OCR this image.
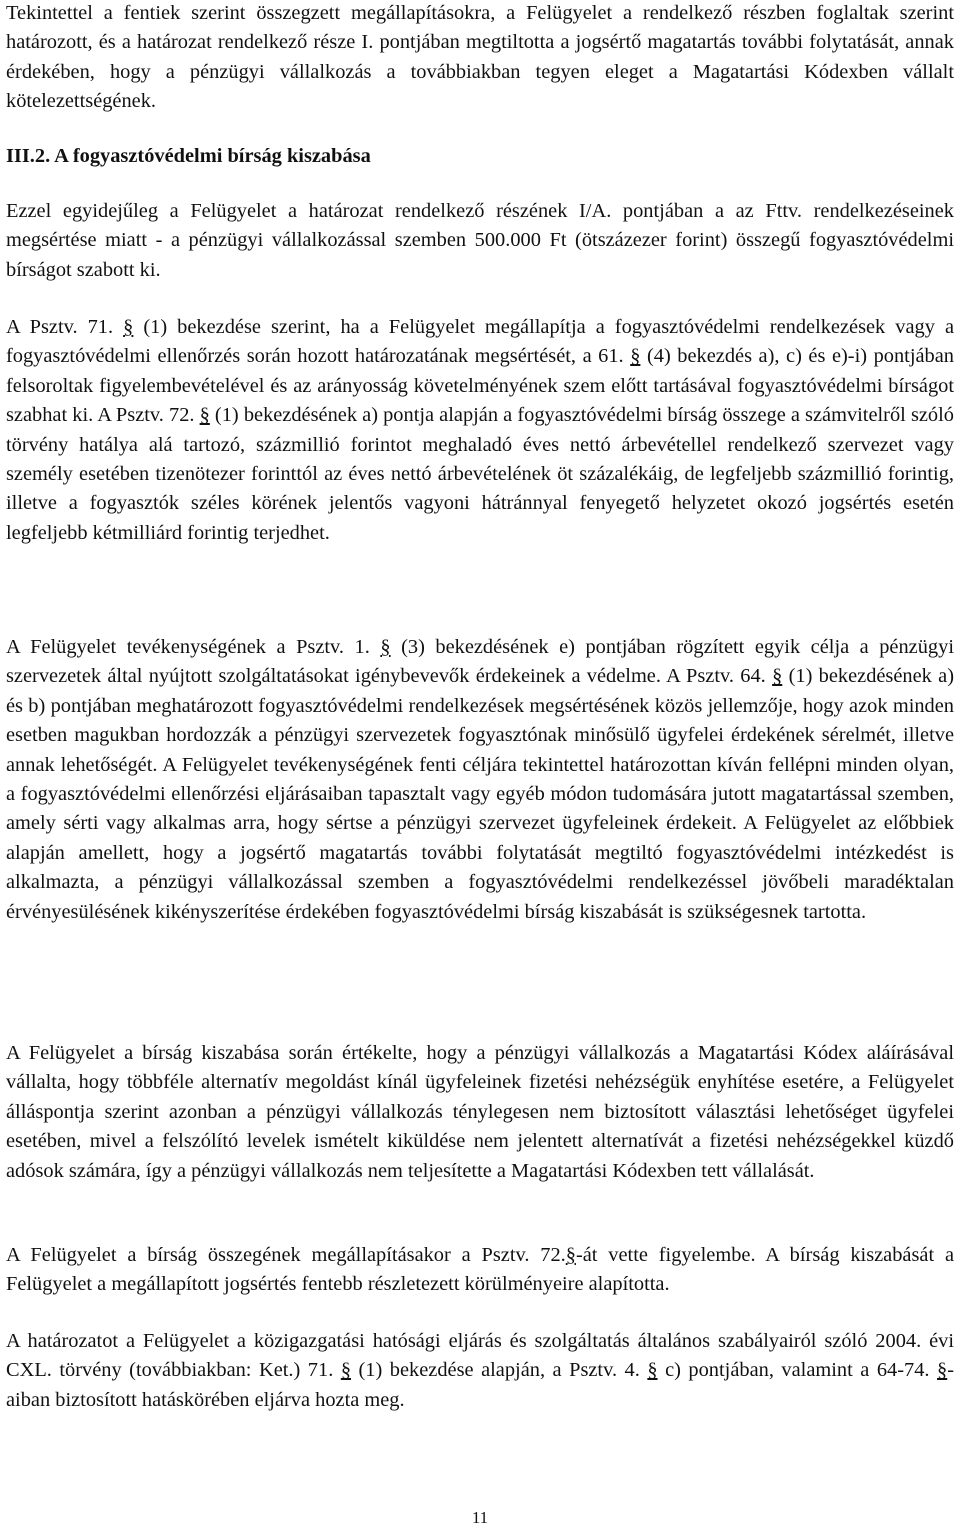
Tekintettel a fentiek szerint összegzett megállapításokra, a Felügyelet a rendelkező részben foglaltak szerint határozott, és a határozat rendelkező része I. pontjában megtiltotta a jogsértő magatartás további folytatását, annak érdekében, hogy a pénzügyi vállalkozás a továbbiakban tegyen eleget a Magatartási Kódexben vállalt kötelezettségének.

III.2. A fogyasztóvédelmi bírság kiszabása

Ezzel egyidejűleg a Felügyelet a határozat rendelkező részének I/A. pontjában a az Fttv. rendelkezéseinek megsértése miatt - a pénzügyi vállalkozással szemben 500.000 Ft (ötszázezer forint) összegű fogyasztóvédelmi bírságot szabott ki.

A Psztv. 71. § (1) bekezdése szerint, ha a Felügyelet megállapítja a fogyasztóvédelmi rendelkezések vagy a fogyasztóvédelmi ellenőrzés során hozott határozatának megsértését, a 61. § (4) bekezdés a), c) és e)-i) pontjában felsoroltak figyelembevételével és az arányosság követelményének szem előtt tartásával fogyasztóvédelmi bírságot szabhat ki. A Psztv. 72. § (1) bekezdésének a) pontja alapján a fogyasztóvédelmi bírság összege a számvitelről szóló törvény hatálya alá tartozó, százmillió forintot meghaladó éves nettó árbevétellel rendelkező szervezet vagy személy esetében tizenötezer forinttól az éves nettó árbevételének öt százalékáig, de legfeljebb százmillió forintig, illetve a fogyasztók széles körének jelentős vagyoni hátránnyal fenyegető helyzetet okozó jogsértés esetén legfeljebb kétmilliárd forintig terjedhet.

A Felügyelet tevékenységének a Psztv. 1. § (3) bekezdésének e) pontjában rögzített egyik célja a pénzügyi szervezetek által nyújtott szolgáltatásokat igénybevevők érdekeinek a védelme. A Psztv. 64. § (1) bekezdésének a) és b) pontjában meghatározott fogyasztóvédelmi rendelkezések megsértésének közös jellemzője, hogy azok minden esetben magukban hordozzák a pénzügyi szervezetek fogyasztónak minősülő ügyfelei érdekének sérelmét, illetve annak lehetőségét. A Felügyelet tevékenységének fenti céljára tekintettel határozottan kíván fellépni minden olyan, a fogyasztóvédelmi ellenőrzési eljárásaiban tapasztalt vagy egyéb módon tudomására jutott magatartással szemben, amely sérti vagy alkalmas arra, hogy sértse a pénzügyi szervezet ügyfeleinek érdekeit. A Felügyelet az előbbiek alapján amellett, hogy a jogsértő magatartás további folytatását megtiltó fogyasztóvédelmi intézkedést is alkalmazta, a pénzügyi vállalkozással szemben a fogyasztóvédelmi rendelkezéssel jövőbeli maradéktalan érvényesülésének kikényszerítése érdekében fogyasztóvédelmi bírság kiszabását is szükségesnek tartotta.

A Felügyelet a bírság kiszabása során értékelte, hogy a pénzügyi vállalkozás a Magatartási Kódex aláírásával vállalta, hogy többféle alternatív megoldást kínál ügyfeleinek fizetési nehézségük enyhítése esetére, a Felügyelet álláspontja szerint azonban a pénzügyi vállalkozás ténylegesen nem biztosított választási lehetőséget ügyfelei esetében, mivel a felszólító levelek ismételt kiküldése nem jelentett alternatívát a fizetési nehézségekkel küzdő adósok számára, így a pénzügyi vállalkozás nem teljesítette a Magatartási Kódexben tett vállalását.

A Felügyelet a bírság összegének megállapításakor a Psztv. 72.§-át vette figyelembe. A bírság kiszabását a Felügyelet a megállapított jogsértés fentebb részletezett körülményeire alapította.

A határozatot a Felügyelet a közigazgatási hatósági eljárás és szolgáltatás általános szabályairól szóló 2004. évi CXL. törvény (továbbiakban: Ket.) 71. § (1) bekezdése alapján, a Psztv. 4. § c) pontjában, valamint a 64-74. §-aiban biztosított hatáskörében eljárva hozta meg.

11
